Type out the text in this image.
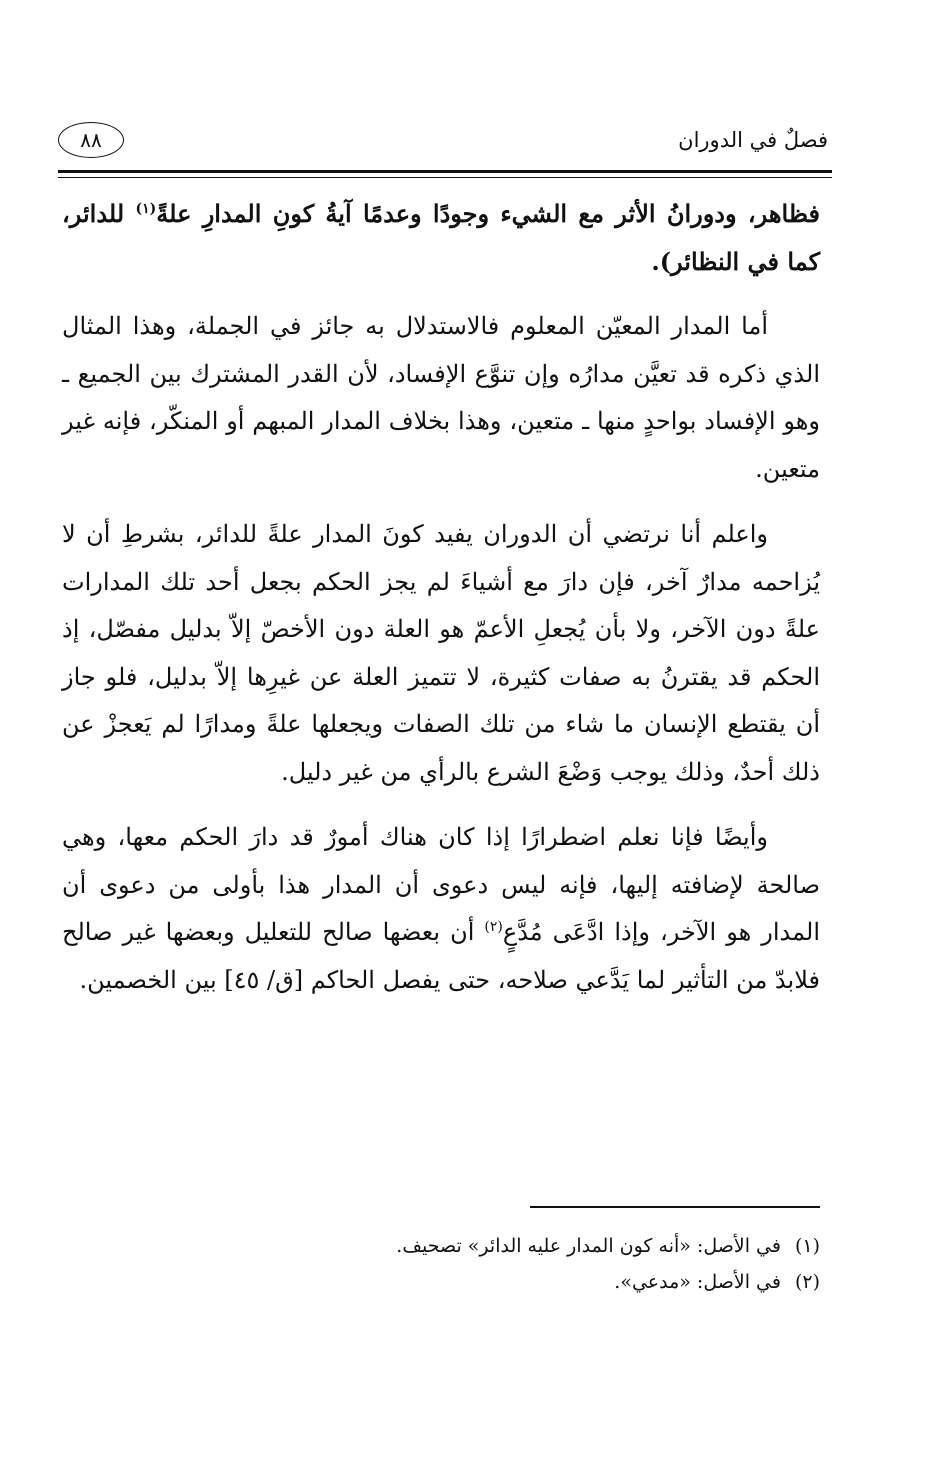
٨٨	فصلٌ في الدوران

فظاهر، ودورانُ الأثر مع الشيء وجودًا وعدمًا آيةُ كونِ المدارِ علةً$^{(١)}$ للدائر، كما في النظائر).

أما المدار المعيّن المعلوم فالاستدلال به جائز في الجملة، وهذا المثال الذي ذكره قد تعيَّن مدارُه وإن تنوَّع الإفساد، لأن القدر المشترك بين الجميع ـ وهو الإفساد بواحدٍ منها ـ متعين، وهذا بخلاف المدار المبهم أو المنكّر، فإنه غير متعين.

واعلم أنا نرتضي أن الدوران يفيد كونَ المدار علةً للدائر، بشرطِ أن لا يُزاحمه مدارٌ آخر، فإن دارَ مع أشياءَ لم يجز الحكم بجعل أحد تلك المدارات علةً دون الآخر، ولا بأن يُجعلِ الأعمّ هو العلة دون الأخصّ إلاّ بدليل مفصّل، إذ الحكم قد يقترنُ به صفات كثيرة، لا تتميز العلة عن غيرِها إلاّ بدليل، فلو جاز أن يقتطع الإنسان ما شاء من تلك الصفات ويجعلها علةً ومدارًا لم يَعجزْ عن ذلك أحدٌ، وذلك يوجب وَضْعَ الشرع بالرأي من غير دليل.

وأيضًا فإنا نعلم اضطرارًا إذا كان هناك أمورٌ قد دارَ الحكم معها، وهي صالحة لإضافته إليها، فإنه ليس دعوى أن المدار هذا بأولى من دعوى أن المدار هو الآخر، وإذا ادَّعَى مُدَّعٍ$^{(٢)}$ أن بعضها صالح للتعليل وبعضها غير صالح فلابدّ من التأثير لما يَدَّعي صلاحه، حتى يفصل الحاكم [ق/ ٤٥] بين الخصمين.

(١)
في الأصل: «أنه كون المدار عليه الدائر» تصحيف.
(٢)
في الأصل: «مدعي».
